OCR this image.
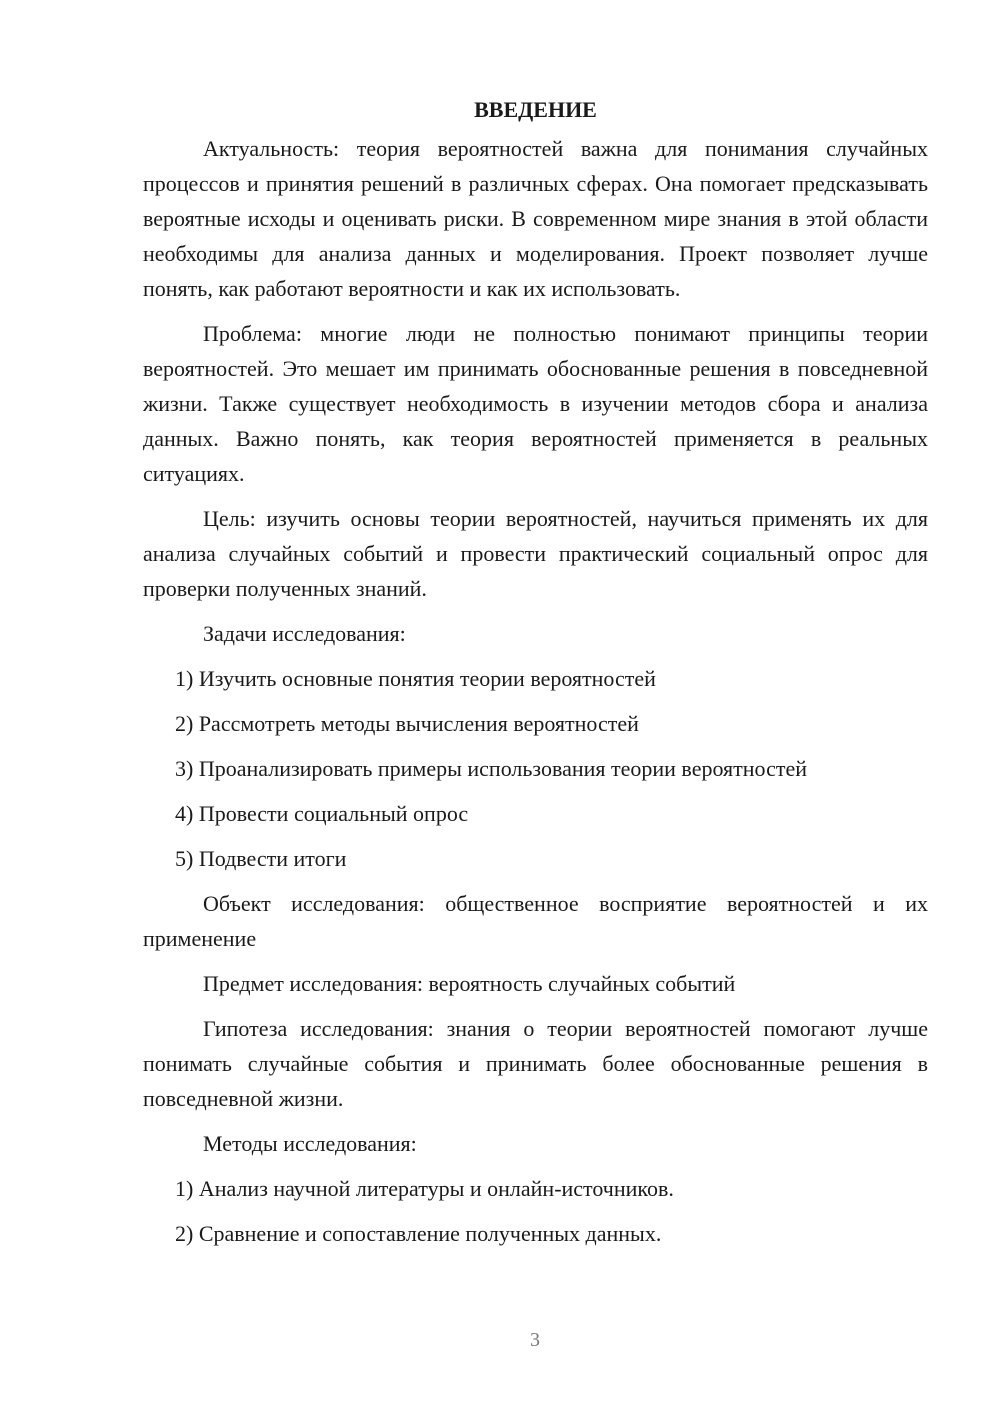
ВВЕДЕНИЕ

Актуальность: теория вероятностей важна для понимания случайных процессов и принятия решений в различных сферах. Она помогает предсказывать вероятные исходы и оценивать риски. В современном мире знания в этой области необходимы для анализа данных и моделирования. Проект позволяет лучше понять, как работают вероятности и как их использовать.

Проблема: многие люди не полностью понимают принципы теории вероятностей. Это мешает им принимать обоснованные решения в повседневной жизни. Также существует необходимость в изучении методов сбора и анализа данных. Важно понять, как теория вероятностей применяется в реальных ситуациях.

Цель: изучить основы теории вероятностей, научиться применять их для анализа случайных событий и провести практический социальный опрос для проверки полученных знаний.

Задачи исследования:

1) Изучить основные понятия теории вероятностей
2) Рассмотреть методы вычисления вероятностей
3) Проанализировать примеры использования теории вероятностей
4) Провести социальный опрос
5) Подвести итоги

Объект исследования: общественное восприятие вероятностей и их применение

Предмет исследования: вероятность случайных событий

Гипотеза исследования: знания о теории вероятностей помогают лучше понимать случайные события и принимать более обоснованные решения в повседневной жизни.

Методы исследования:

1) Анализ научной литературы и онлайн-источников.
2) Сравнение и сопоставление полученных данных.
3
